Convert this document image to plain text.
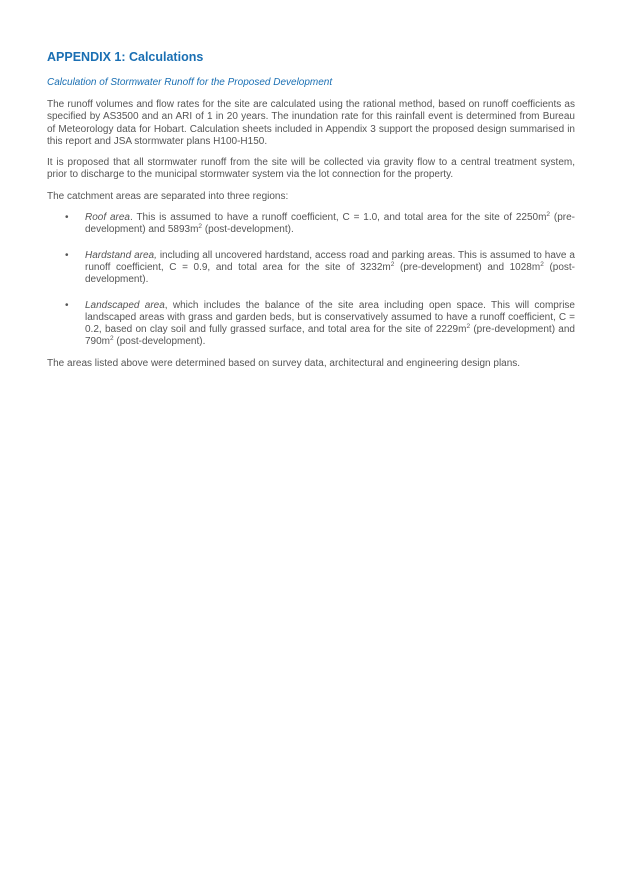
APPENDIX 1: Calculations
Calculation of Stormwater Runoff for the Proposed Development

The runoff volumes and flow rates for the site are calculated using the rational method, based on runoff coefficients as specified by AS3500 and an ARI of 1 in 20 years. The inundation rate for this rainfall event is determined from Bureau of Meteorology data for Hobart. Calculation sheets included in Appendix 3 support the proposed design summarised in this report and JSA stormwater plans H100-H150.

It is proposed that all stormwater runoff from the site will be collected via gravity flow to a central treatment system, prior to discharge to the municipal stormwater system via the lot connection for the property.

The catchment areas are separated into three regions:

• Roof area. This is assumed to have a runoff coefficient, C = 1.0, and total area for the site of $2250m^2$ (pre-development) and $5893m^2$ (post-development).
• Hardstand area, including all uncovered hardstand, access road and parking areas. This is assumed to have a runoff coefficient, C = 0.9, and total area for the site of $3232m^2$ (pre-development) and $1028m^2$ (post-development).
• Landscaped area, which includes the balance of the site area including open space. This will comprise landscaped areas with grass and garden beds, but is conservatively assumed to have a runoff coefficient, C = 0.2, based on clay soil and fully grassed surface, and total area for the site of $2229m^2$ (pre-development) and $790m^2$ (post-development).

The areas listed above were determined based on survey data, architectural and engineering design plans.
